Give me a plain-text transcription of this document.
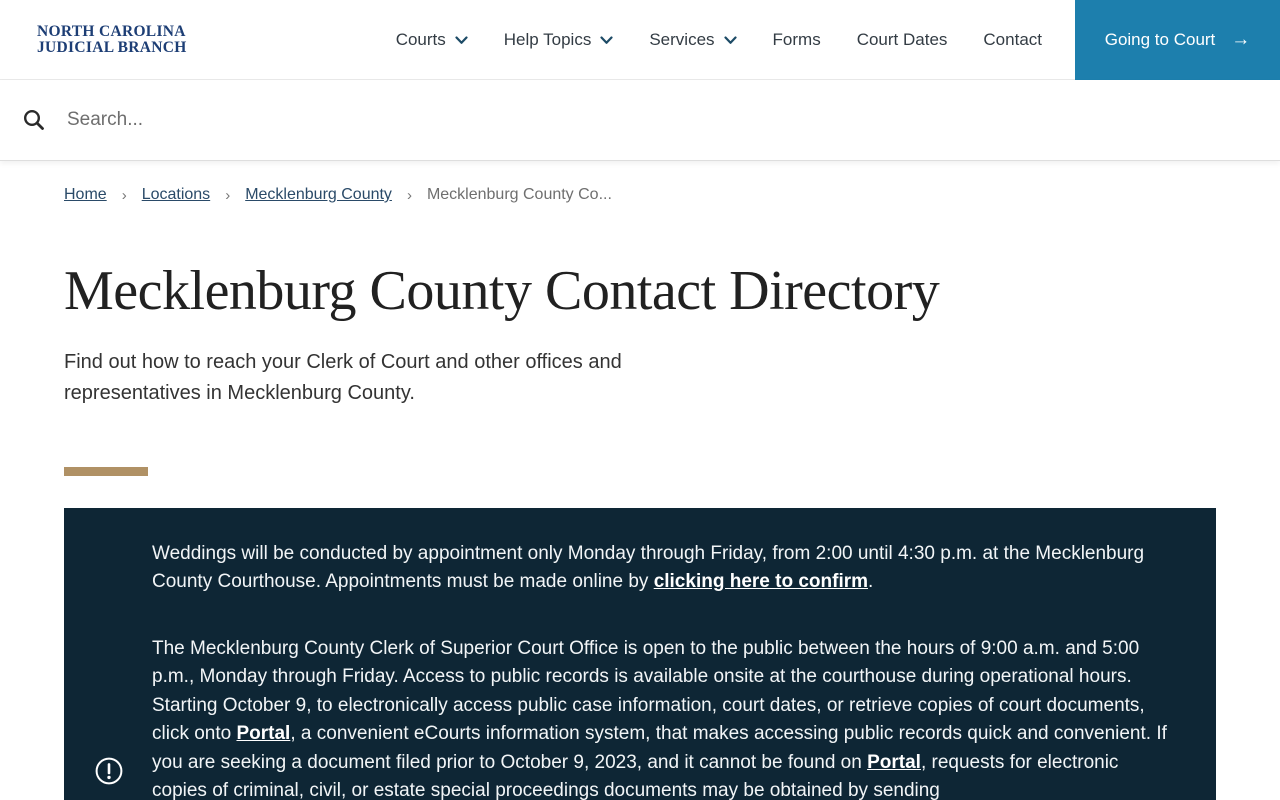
NORTH CAROLINA
JUDICIAL BRANCH	Courts	Help Topics	Services	Forms Court Dates Contact	Going to Court →
Search...
Home › Locations › Mecklenburg County › Mecklenburg County Co...
Mecklenburg County Contact Directory

Find out how to reach your Clerk of Court and other offices and representatives in Mecklenburg County.

Weddings will be conducted by appointment only Monday through Friday, from 2:00 until 4:30 p.m. at the Mecklenburg County Courthouse. Appointments must be made online by clicking here to confirm.

The Mecklenburg County Clerk of Superior Court Office is open to the public between the hours of 9:00 a.m. and 5:00 p.m., Monday through Friday. Access to public records is available onsite at the courthouse during operational hours. Starting October 9, to electronically access public case information, court dates, or retrieve copies of court documents, click onto Portal, a convenient eCourts information system, that makes accessing public records quick and convenient. If you are seeking a document filed prior to October 9, 2023, and it cannot be found on Portal, requests for electronic copies of criminal, civil, or estate special proceedings documents may be obtained by sending
